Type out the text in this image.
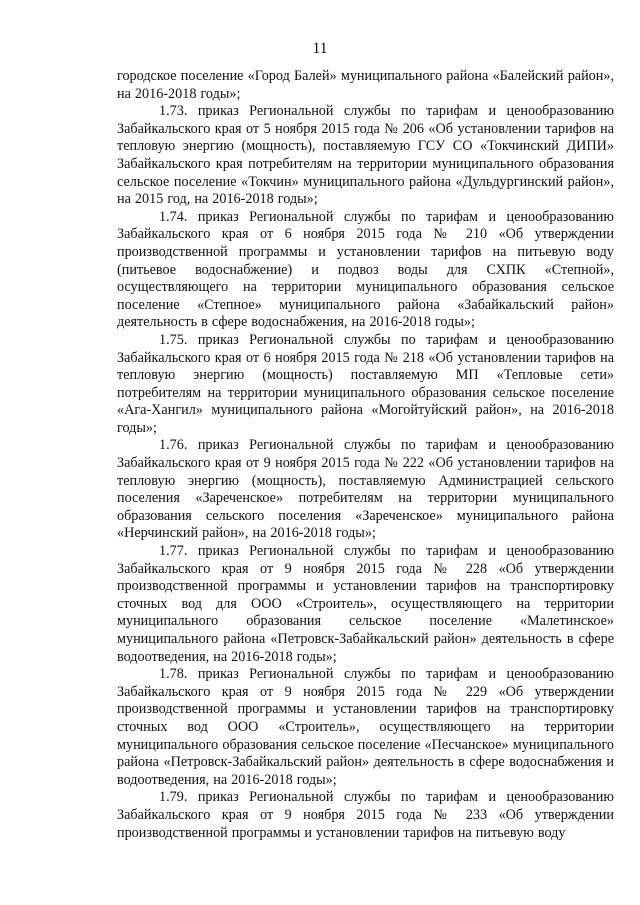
11

городское поселение «Город Балей» муниципального района «Балейский район», на 2016-2018 годы»;

1.73. приказ Региональной службы по тарифам и ценообразованию Забайкальского края от 5 ноября 2015 года № 206 «Об установлении тарифов на тепловую энергию (мощность), поставляемую ГСУ СО «Токчинский ДИПИ» Забайкальского края потребителям на территории муниципального образования сельское поселение «Токчин» муниципального района «Дульдургинский район», на 2015 год, на 2016-2018 годы»;

1.74. приказ Региональной службы по тарифам и ценообразованию Забайкальского края от 6 ноября 2015 года № 210 «Об утверждении производственной программы и установлении тарифов на питьевую воду (питьевое водоснабжение) и подвоз воды для СХПК «Степной», осуществляющего на территории муниципального образования сельское поселение «Степное» муниципального района «Забайкальский район» деятельность в сфере водоснабжения, на 2016-2018 годы»;

1.75. приказ Региональной службы по тарифам и ценообразованию Забайкальского края от 6 ноября 2015 года № 218 «Об установлении тарифов на тепловую энергию (мощность) поставляемую МП «Тепловые сети» потребителям на территории муниципального образования сельское поселение «Ага-Хангил» муниципального района «Могойтуйский район», на 2016-2018 годы»;

1.76. приказ Региональной службы по тарифам и ценообразованию Забайкальского края от 9 ноября 2015 года № 222 «Об установлении тарифов на тепловую энергию (мощность), поставляемую Администрацией сельского поселения «Зареченское» потребителям на территории муниципального образования сельского поселения «Зареченское» муниципального района «Нерчинский район», на 2016-2018 годы»;

1.77. приказ Региональной службы по тарифам и ценообразованию Забайкальского края от 9 ноября 2015 года № 228 «Об утверждении производственной программы и установлении тарифов на транспортировку сточных вод для ООО «Строитель», осуществляющего на территории муниципального образования сельское поселение «Малетинское» муниципального района «Петровск-Забайкальский район» деятельность в сфере водоотведения, на 2016-2018 годы»;

1.78. приказ Региональной службы по тарифам и ценообразованию Забайкальского края от 9 ноября 2015 года № 229 «Об утверждении производственной программы и установлении тарифов на транспортировку сточных вод ООО «Строитель», осуществляющего на территории муниципального образования сельское поселение «Песчанское» муниципального района «Петровск-Забайкальский район» деятельность в сфере водоснабжения и водоотведения, на 2016-2018 годы»;

1.79. приказ Региональной службы по тарифам и ценообразованию Забайкальского края от 9 ноября 2015 года № 233 «Об утверждении производственной программы и установлении тарифов на питьевую воду
